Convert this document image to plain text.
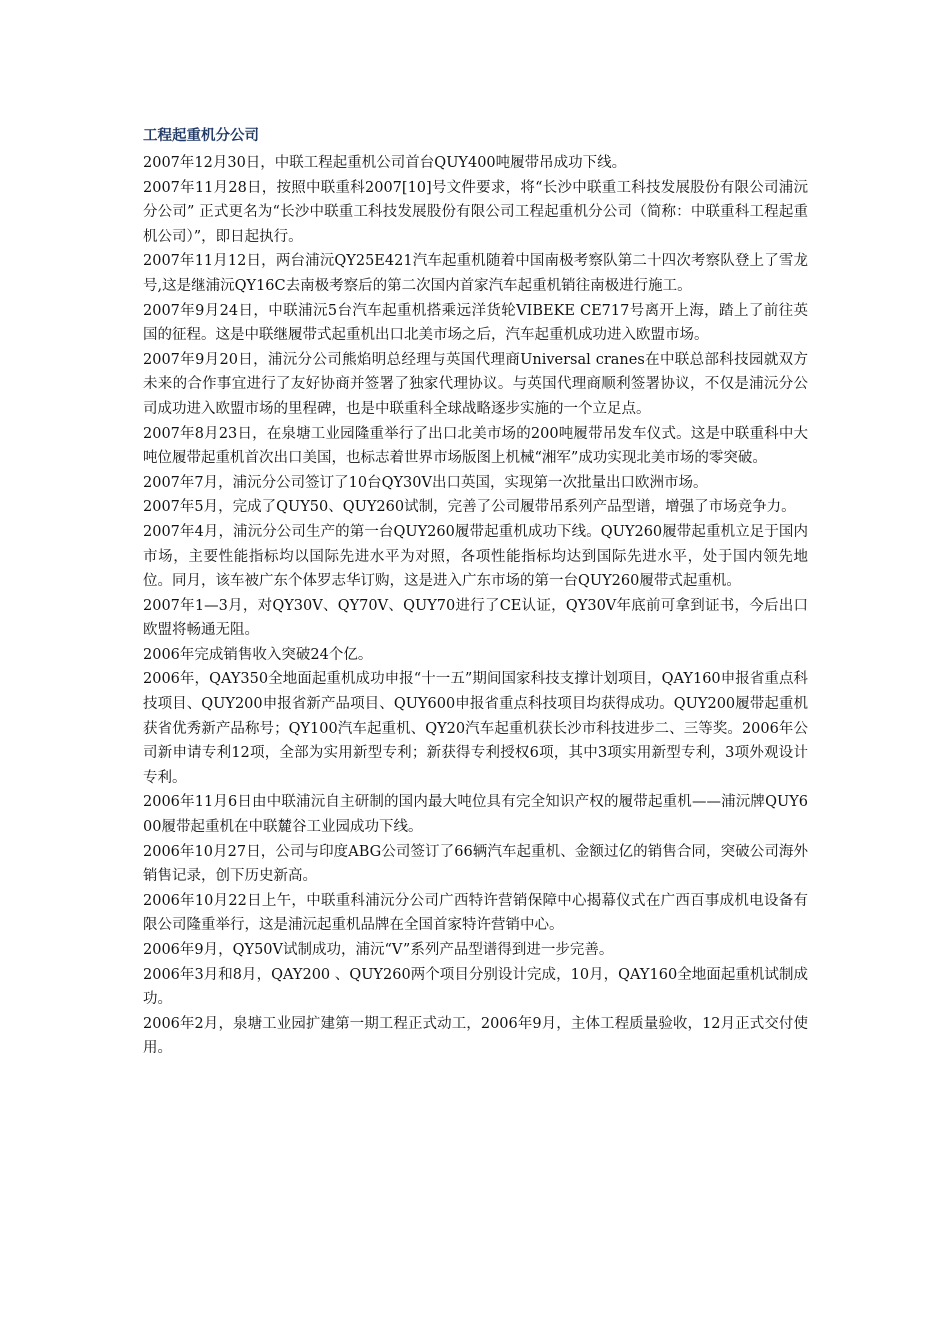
工程起重机分公司

2007年12月30日，中联工程起重机公司首台QUY400吨履带吊成功下线。

2007年11月28日，按照中联重科2007[10]号文件要求，将“长沙中联重工科技发展股份有限公司浦沅分公司” 正式更名为“长沙中联重工科技发展股份有限公司工程起重机分公司（简称：中联重科工程起重机公司）”，即日起执行。

2007年11月12日，两台浦沅QY25E421汽车起重机随着中国南极考察队第二十四次考察队登上了雪龙号,这是继浦沅QY16C去南极考察后的第二次国内首家汽车起重机销往南极进行施工。

2007年9月24日，中联浦沅5台汽车起重机搭乘远洋货轮VIBEKE CE717号离开上海，踏上了前往英国的征程。这是中联继履带式起重机出口北美市场之后，汽车起重机成功进入欧盟市场。

2007年9月20日，浦沅分公司熊焰明总经理与英国代理商Universal cranes在中联总部科技园就双方未来的合作事宜进行了友好协商并签署了独家代理协议。与英国代理商顺利签署协议，不仅是浦沅分公司成功进入欧盟市场的里程碑，也是中联重科全球战略逐步实施的一个立足点。

2007年8月23日，在泉塘工业园隆重举行了出口北美市场的200吨履带吊发车仪式。这是中联重科中大吨位履带起重机首次出口美国，也标志着世界市场版图上机械“湘军”成功实现北美市场的零突破。

2007年7月，浦沅分公司签订了10台QY30V出口英国，实现第一次批量出口欧洲市场。

2007年5月，完成了QUY50、QUY260试制，完善了公司履带吊系列产品型谱，增强了市场竞争力。

2007年4月，浦沅分公司生产的第一台QUY260履带起重机成功下线。QUY260履带起重机立足于国内市场，主要性能指标均以国际先进水平为对照，各项性能指标均达到国际先进水平，处于国内领先地位。同月，该车被广东个体罗志华订购，这是进入广东市场的第一台QUY260履带式起重机。

2007年1—3月，对QY30V、QY70V、QUY70进行了CE认证，QY30V年底前可拿到证书，今后出口欧盟将畅通无阻。

2006年完成销售收入突破24个亿。

2006年，QAY350全地面起重机成功申报“十一五”期间国家科技支撑计划项目，QAY160申报省重点科技项目、QUY200申报省新产品项目、QUY600申报省重点科技项目均获得成功。QUY200履带起重机获省优秀新产品称号；QY100汽车起重机、QY20汽车起重机获长沙市科技进步二、三等奖。2006年公司新申请专利12项，全部为实用新型专利；新获得专利授权6项，其中3项实用新型专利，3项外观设计专利。

2006年11月6日由中联浦沅自主研制的国内最大吨位具有完全知识产权的履带起重机——浦沅牌QUY600履带起重机在中联麓谷工业园成功下线。

2006年10月27日，公司与印度ABG公司签订了66辆汽车起重机、金额过亿的销售合同，突破公司海外销售记录，创下历史新高。

2006年10月22日上午，中联重科浦沅分公司广西特许营销保障中心揭幕仪式在广西百事成机电设备有限公司隆重举行，这是浦沅起重机品牌在全国首家特许营销中心。

2006年9月，QY50V试制成功，浦沅“V”系列产品型谱得到进一步完善。

2006年3月和8月，QAY200 、QUY260两个项目分别设计完成，10月，QAY160全地面起重机试制成功。

2006年2月，泉塘工业园扩建第一期工程正式动工，2006年9月，主体工程质量验收，12月正式交付使用。
